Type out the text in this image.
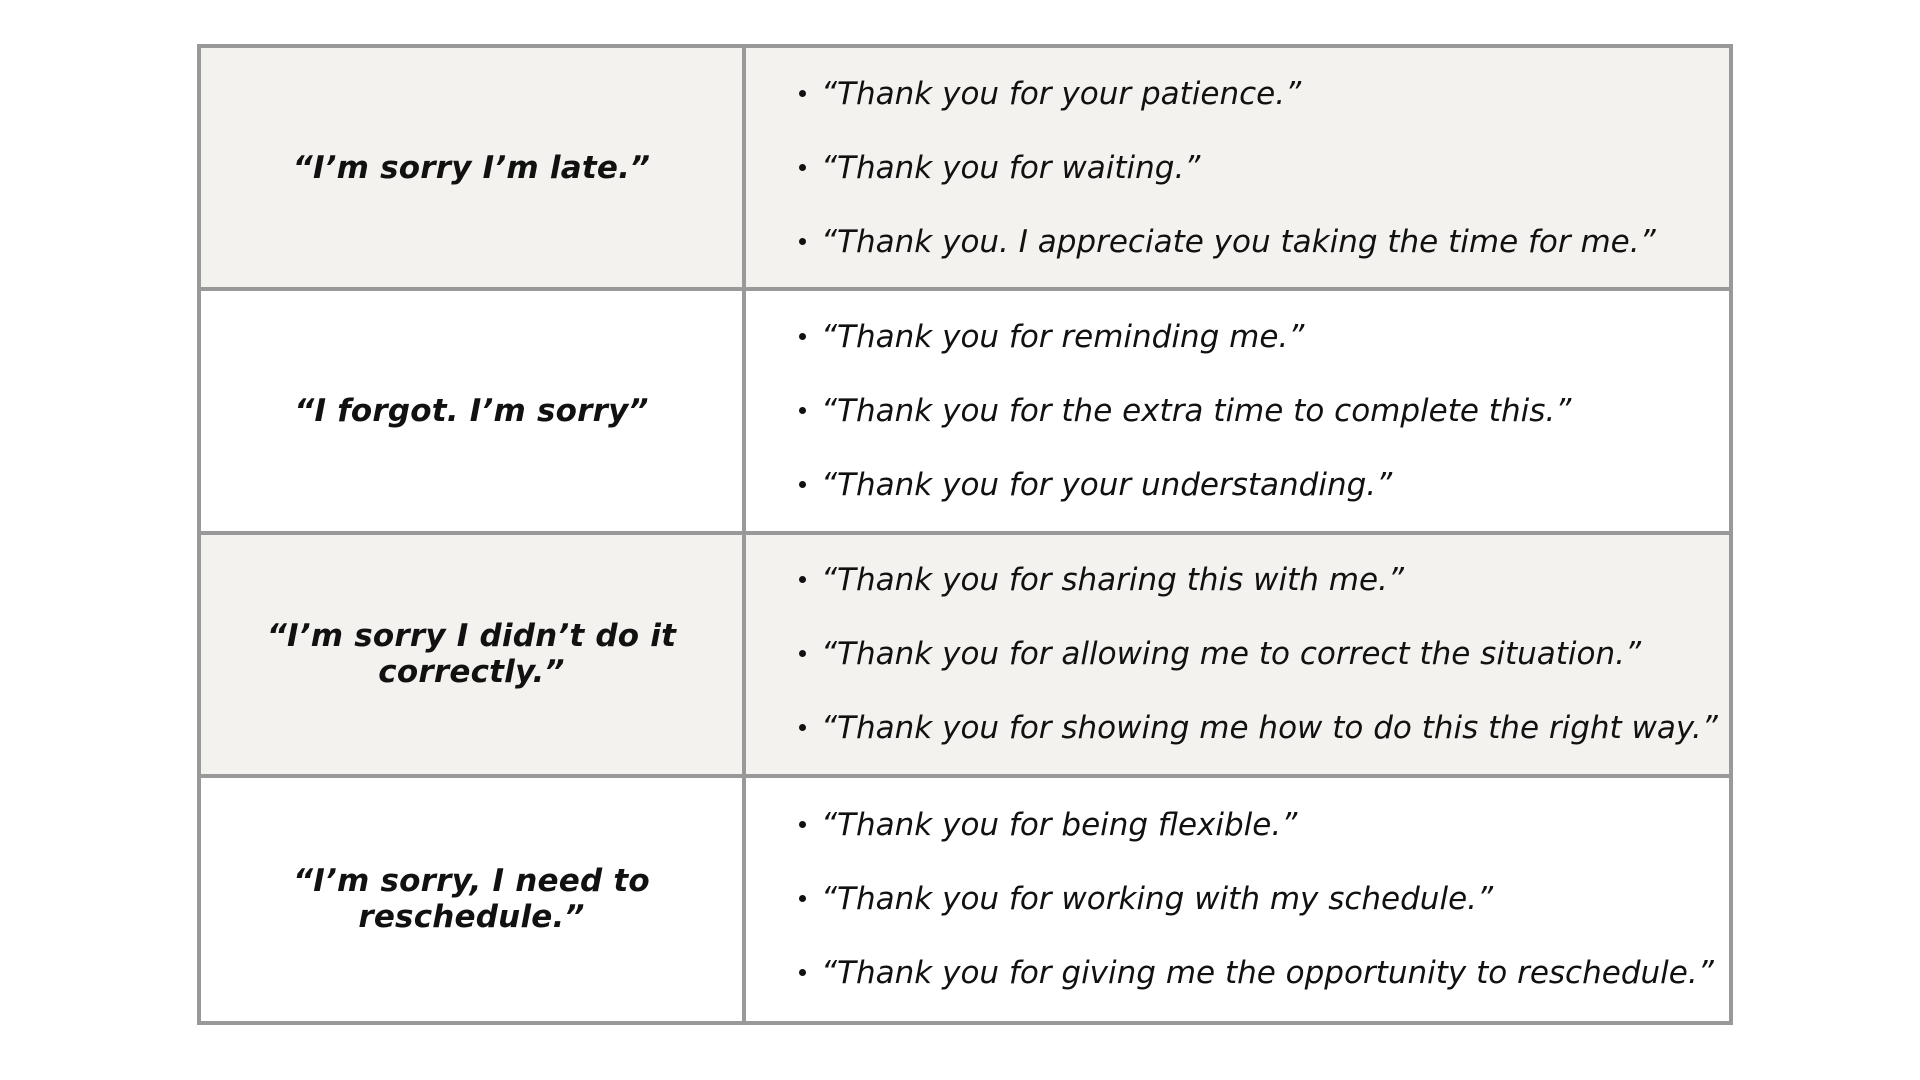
“I’m sorry I’m late.”
“Thank you for your patience.”
“Thank you for waiting.”
“Thank you. I appreciate you taking the time for me.”
“I forgot. I’m sorry”
“Thank you for reminding me.”
“Thank you for the extra time to complete this.”
“Thank you for your understanding.”
“I’m sorry I didn’t do it correctly.”
“Thank you for sharing this with me.”
“Thank you for allowing me to correct the situation.”
“Thank you for showing me how to do this the right way.”
“I’m sorry, I need to reschedule.”
“Thank you for being flexible.”
“Thank you for working with my schedule.”
“Thank you for giving me the opportunity to reschedule.”
